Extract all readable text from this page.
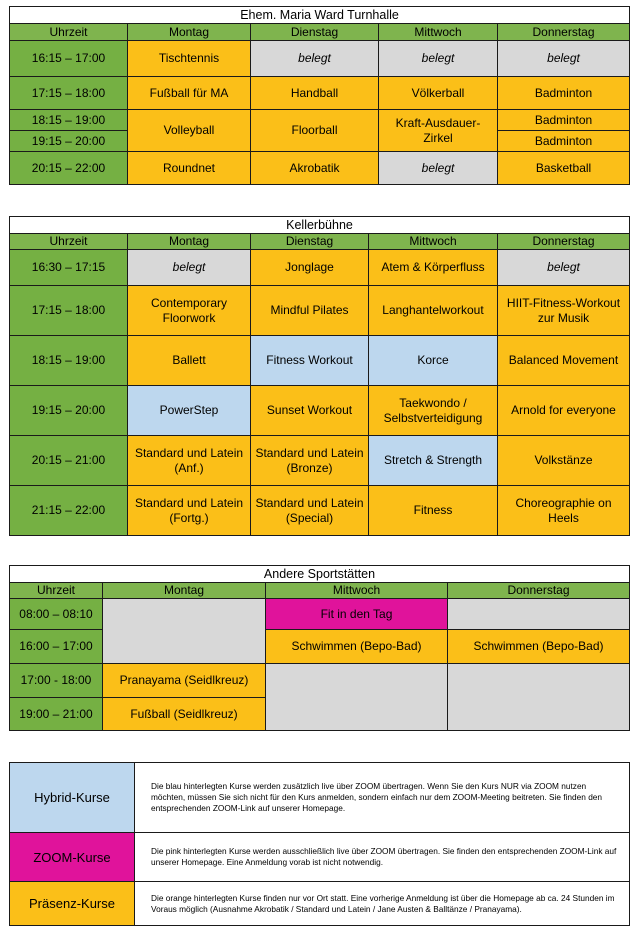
Ehem. Maria Ward Turnhalle				
Uhrzeit	Montag	Dienstag	Mittwoch	Donnerstag
16:15 – 17:00	Tischtennis	belegt	belegt	belegt
17:15 – 18:00	Fußball für MA	Handball	Völkerball	Badminton
18:15 – 19:00	Volleyball	Floorball	Kraft-Ausdauer-Zirkel	Badminton
19:15 – 20:00				Badminton
20:15 – 22:00	Roundnet	Akrobatik	belegt	Basketball
Kellerbühne				
Uhrzeit	Montag	Dienstag	Mittwoch	Donnerstag
16:30 – 17:15	belegt	Jonglage	Atem & Körperfluss	belegt
17:15 – 18:00	Contemporary Floorwork	Mindful Pilates	Langhantelworkout	HIIT-Fitness-Workout zur Musik
18:15 – 19:00	Ballett	Fitness Workout	Korce	Balanced Movement
19:15 – 20:00	PowerStep	Sunset Workout	Taekwondo / Selbstverteidigung	Arnold for everyone
20:15 – 21:00	Standard und Latein (Anf.)	Standard und Latein (Bronze)	Stretch & Strength	Volkstänze
21:15 – 22:00	Standard und Latein (Fortg.)	Standard und Latein (Special)	Fitness	Choreographie on Heels
Andere Sportstätten			
Uhrzeit	Montag	Mittwoch	Donnerstag
08:00 – 08:10		Fit in den Tag	
16:00 – 17:00		Schwimmen (Bepo-Bad)	Schwimmen (Bepo-Bad)
17:00 - 18:00	Pranayama (Seidlkreuz)		
19:00 – 21:00	Fußball (Seidlkreuz)		
Hybrid-Kurse	Die blau hinterlegten Kurse werden zusätzlich live über ZOOM übertragen. Wenn Sie den Kurs NUR via ZOOM nutzen möchten, müssen Sie sich nicht für den Kurs anmelden, sondern einfach nur dem ZOOM-Meeting beitreten. Sie finden den entsprechenden ZOOM-Link auf unserer Homepage.
ZOOM-Kurse	Die pink hinterlegten Kurse werden ausschließlich live über ZOOM übertragen. Sie finden den entsprechenden ZOOM-Link auf unserer Homepage. Eine Anmeldung vorab ist nicht notwendig.
Präsenz-Kurse	Die orange hinterlegten Kurse finden nur vor Ort statt. Eine vorherige Anmeldung ist über die Homepage ab ca. 24 Stunden im Voraus möglich (Ausnahme Akrobatik / Standard und Latein / Jane Austen & Balltänze / Pranayama).
